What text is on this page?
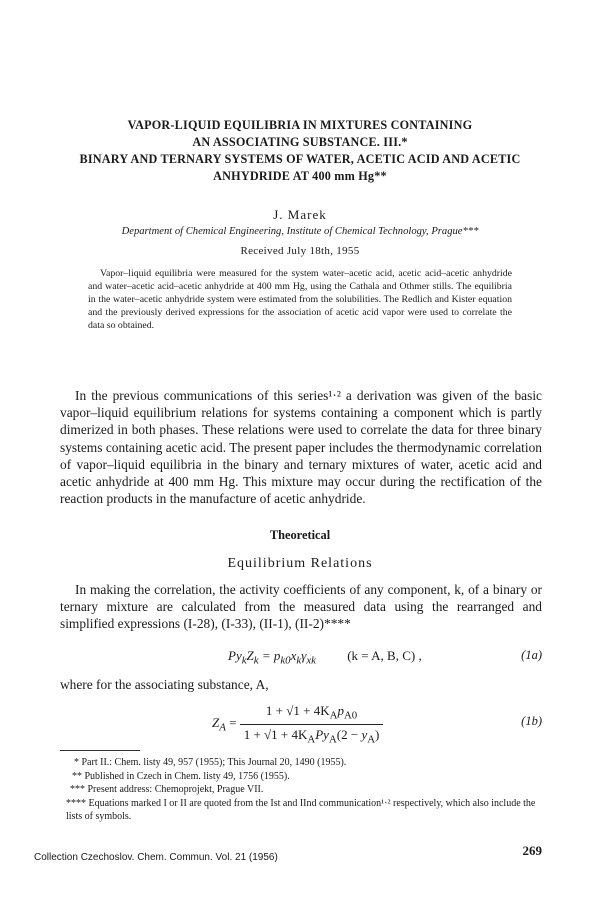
VAPOR-LIQUID EQUILIBRIA IN MIXTURES CONTAINING
AN ASSOCIATING SUBSTANCE. III.*
BINARY AND TERNARY SYSTEMS OF WATER, ACETIC ACID AND ACETIC
ANHYDRIDE AT 400 mm Hg**
J. Marek
Department of Chemical Engineering, Institute of Chemical Technology, Prague***
Received July 18th, 1955
Vapor–liquid equilibria were measured for the system water–acetic acid, acetic acid–acetic anhydride and water–acetic acid–acetic anhydride at 400 mm Hg, using the Cathala and Othmer stills. The equilibria in the water–acetic anhydride system were estimated from the solubilities. The Redlich and Kister equation and the previously derived expressions for the association of acetic acid vapor were used to correlate the data so obtained.

In the previous communications of this series¹·² a derivation was given of the basic vapor–liquid equilibrium relations for systems containing a component which is partly dimerized in both phases. These relations were used to correlate the data for three binary systems containing acetic acid. The present paper includes the thermodynamic correlation of vapor–liquid equilibria in the binary and ternary mixtures of water, acetic acid and acetic anhydride at 400 mm Hg. This mixture may occur during the rectification of the reaction products in the manufacture of acetic anhydride.

Theoretical
Equilibrium Relations

In making the correlation, the activity coefficients of any component, k, of a binary or ternary mixture are calculated from the measured data using the rearranged and simplified expressions (I-28), (I-33), (II-1), (II-2)****

$Py_kZ_k = p_{k0}x_k\gamma_{xk}$ (k = A, B, C) ,	(1a)
where for the associating substance, A,
$Z_A = \frac{1 + √1 + 4K_Ap_{A0}}{1 + √1 + 4K_APy_A(2 - y_A)}$	(1b)
* Part II.: Chem. listy 49, 957 (1955); This Journal 20, 1490 (1955).
** Published in Czech in Chem. listy 49, 1756 (1955).
*** Present address: Chemoprojekt, Prague VII.
**** Equations marked I or II are quoted from the Ist and IInd communication¹·² respectively, which also include the lists of symbols.
Collection Czechoslov. Chem. Commun. Vol. 21 (1956)	269
